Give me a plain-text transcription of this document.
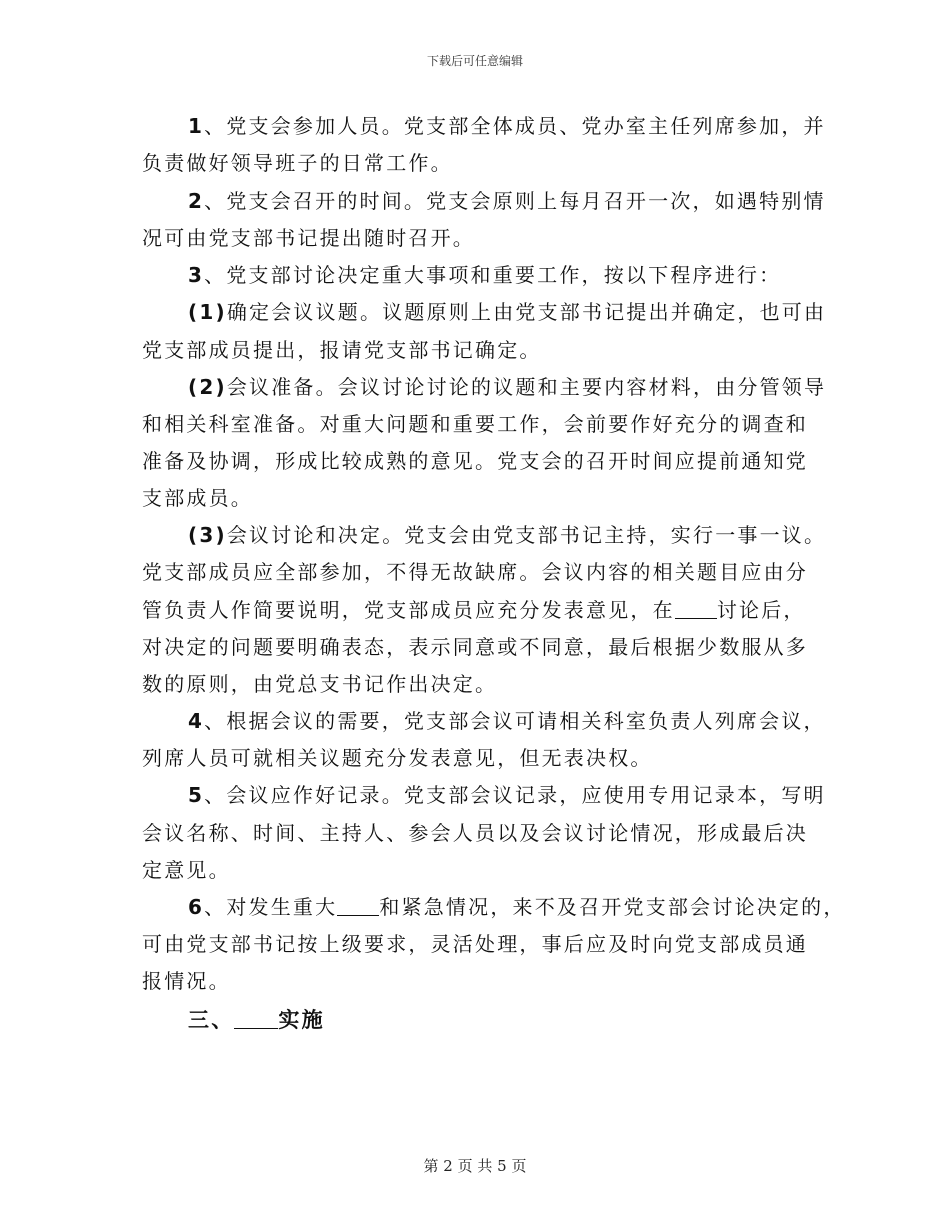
下载后可任意编辑
1、党支会参加人员。党支部全体成员、党办室主任列席参加，并
负责做好领导班子的日常工作。
2、党支会召开的时间。党支会原则上每月召开一次，如遇特别情
况可由党支部书记提出随时召开。
3、党支部讨论决定重大事项和重要工作，按以下程序进行：
(1)确定会议议题。议题原则上由党支部书记提出并确定，也可由
党支部成员提出，报请党支部书记确定。
(2)会议准备。会议讨论讨论的议题和主要内容材料，由分管领导
和相关科室准备。对重大问题和重要工作，会前要作好充分的调查和
准备及协调，形成比较成熟的意见。党支会的召开时间应提前通知党
支部成员。
(3)会议讨论和决定。党支会由党支部书记主持，实行一事一议。
党支部成员应全部参加，不得无故缺席。会议内容的相关题目应由分
管负责人作简要说明，党支部成员应充分发表意见，在 讨论后，
对决定的问题要明确表态，表示同意或不同意，最后根据少数服从多
数的原则，由党总支书记作出决定。
4、根据会议的需要，党支部会议可请相关科室负责人列席会议，
列席人员可就相关议题充分发表意见，但无表决权。
5、会议应作好记录。党支部会议记录，应使用专用记录本，写明
会议名称、时间、主持人、参会人员以及会议讨论情况，形成最后决
定意见。
6、对发生重大 和紧急情况，来不及召开党支部会讨论决定的，
可由党支部书记按上级要求，灵活处理，事后应及时向党支部成员通
报情况。
三、 实施
第 2 页 共 5 页
